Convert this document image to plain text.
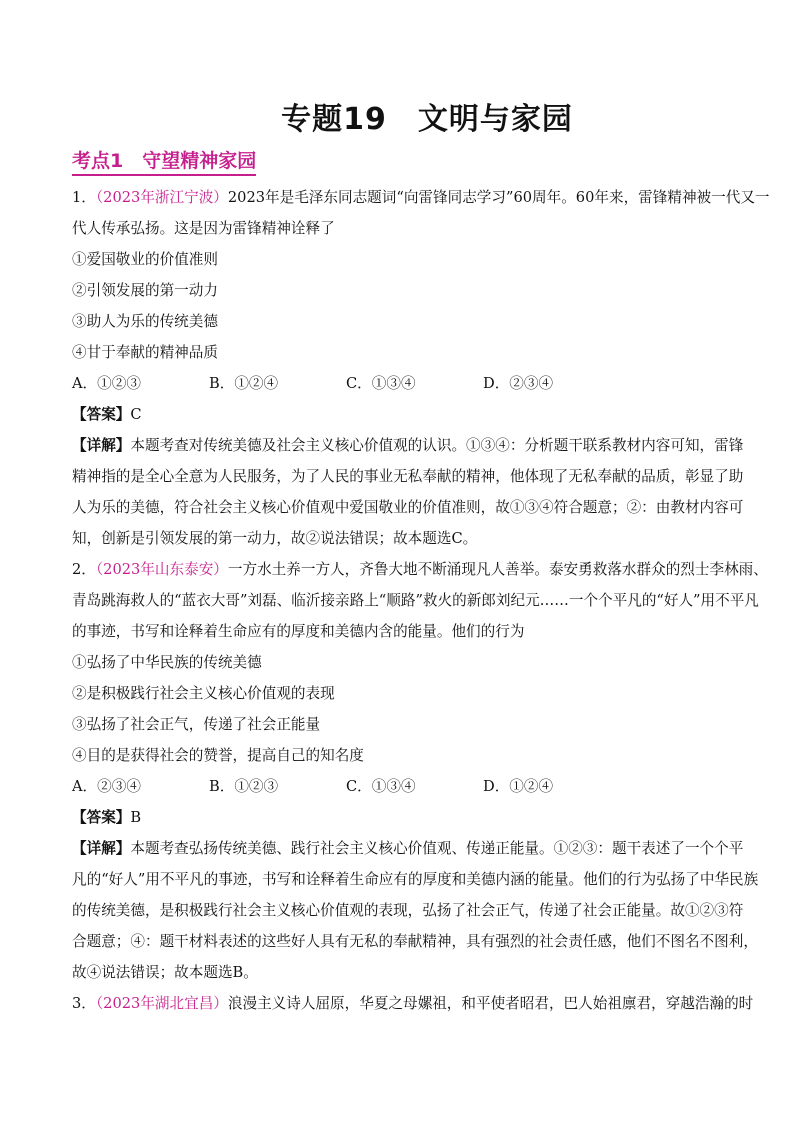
专题19　文明与家园
考点1　守望精神家园
1．（2023年浙江宁波）2023年是毛泽东同志题词“向雷锋同志学习”60周年。60年来，雷锋精神被一代又一
代人传承弘扬。这是因为雷锋精神诠释了
①爱国敬业的价值准则
②引领发展的第一动力
③助人为乐的传统美德
④甘于奉献的精神品质
A．①②③	B．①②④	C．①③④	D．②③④
【答案】C
【详解】本题考查对传统美德及社会主义核心价值观的认识。①③④：分析题干联系教材内容可知，雷锋
精神指的是全心全意为人民服务，为了人民的事业无私奉献的精神，他体现了无私奉献的品质，彰显了助
人为乐的美德，符合社会主义核心价值观中爱国敬业的价值准则，故①③④符合题意；②：由教材内容可
知，创新是引领发展的第一动力，故②说法错误；故本题选C。
2．（2023年山东泰安）一方水土养一方人，齐鲁大地不断涌现凡人善举。泰安勇救落水群众的烈士李林雨、
青岛跳海救人的“蓝衣大哥”刘磊、临沂接亲路上“顺路”救火的新郎刘纪元……一个个平凡的“好人”用不平凡
的事迹，书写和诠释着生命应有的厚度和美德内含的能量。他们的行为
①弘扬了中华民族的传统美德
②是积极践行社会主义核心价值观的表现
③弘扬了社会正气，传递了社会正能量
④目的是获得社会的赞誉，提高自己的知名度
A．②③④	B．①②③	C．①③④	D．①②④
【答案】B
【详解】本题考查弘扬传统美德、践行社会主义核心价值观、传递正能量。①②③：题干表述了一个个平
凡的“好人”用不平凡的事迹，书写和诠释着生命应有的厚度和美德内涵的能量。他们的行为弘扬了中华民族
的传统美德，是积极践行社会主义核心价值观的表现，弘扬了社会正气，传递了社会正能量。故①②③符
合题意；④：题干材料表述的这些好人具有无私的奉献精神，具有强烈的社会责任感，他们不图名不图利，
故④说法错误；故本题选B。
3．（2023年湖北宜昌）浪漫主义诗人屈原，华夏之母嫘祖，和平使者昭君，巴人始祖廪君，穿越浩瀚的时
